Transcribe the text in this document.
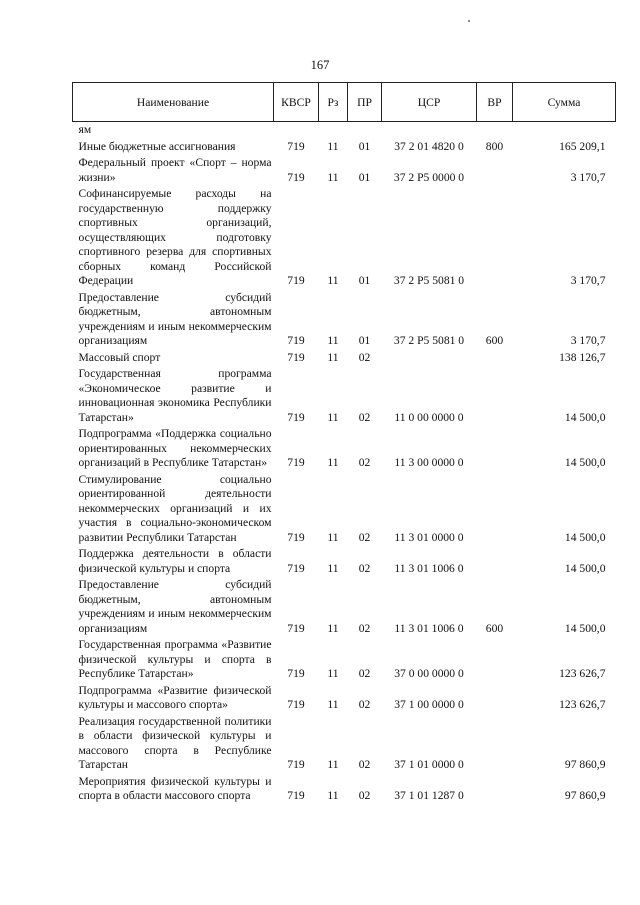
167
Наименование	КВСР	Рз	ПР	ЦСР	ВР	Сумма
ям						
Иные бюджетные ассигнования	719	11	01	37 2 01 4820 0	800	165 209,1
Федеральный проект «Спорт – норма жизни»	719	11	01	37 2 P5 0000 0		3 170,7
Софинансируемые расходы на государственную поддержку спортивных организаций, осуществляющих подготовку спортивного резерва для спортивных сборных команд Российской Федерации	719	11	01	37 2 P5 5081 0		3 170,7
Предоставление субсидий бюджетным, автономным учреждениям и иным некоммерческим организациям	719	11	01	37 2 P5 5081 0	600	3 170,7
Массовый спорт	719	11	02			138 126,7
Государственная программа «Экономическое развитие и инновационная экономика Республики Татарстан»	719	11	02	11 0 00 0000 0		14 500,0
Подпрограмма «Поддержка социально ориентированных некоммерческих организаций в Республике Татарстан»	719	11	02	11 3 00 0000 0		14 500,0
Стимулирование социально ориентированной деятельности некоммерческих организаций и их участия в социально-экономическом развитии Республики Татарстан	719	11	02	11 3 01 0000 0		14 500,0
Поддержка деятельности в области физической культуры и спорта	719	11	02	11 3 01 1006 0		14 500,0
Предоставление субсидий бюджетным, автономным учреждениям и иным некоммерческим организациям	719	11	02	11 3 01 1006 0	600	14 500,0
Государственная программа «Развитие физической культуры и спорта в Республике Татарстан»	719	11	02	37 0 00 0000 0		123 626,7
Подпрограмма «Развитие физической культуры и массового спорта»	719	11	02	37 1 00 0000 0		123 626,7
Реализация государственной политики в области физической культуры и массового спорта в Республике Татарстан	719	11	02	37 1 01 0000 0		97 860,9
Мероприятия физической культуры и спорта в области массового спорта	719	11	02	37 1 01 1287 0		97 860,9
